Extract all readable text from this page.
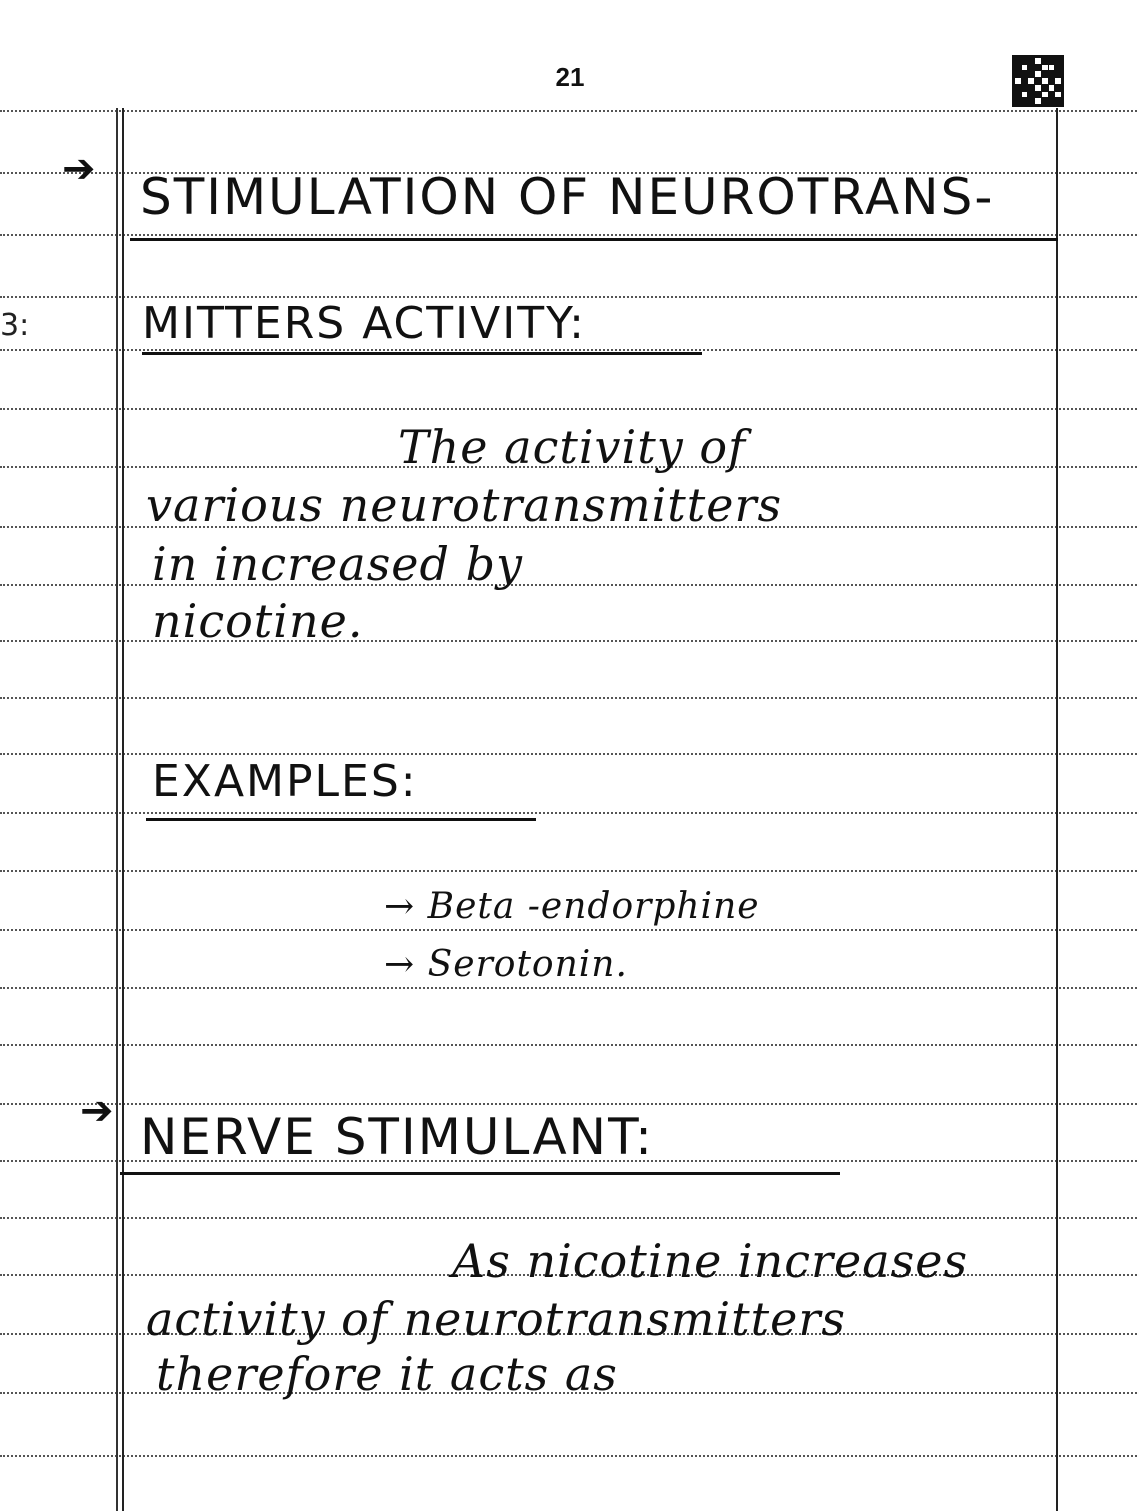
21
3:
➔ STIMULATION OF NEUROTRANS-
MITTERS ACTIVITY:
The activity of
various neurotransmitters
in increased by
nicotine.
EXAMPLES:
→ Beta -endorphine
→ Serotonin.
➔ NERVE STIMULANT:
As nicotine increases
activity of neurotransmitters
therefore it acts as
